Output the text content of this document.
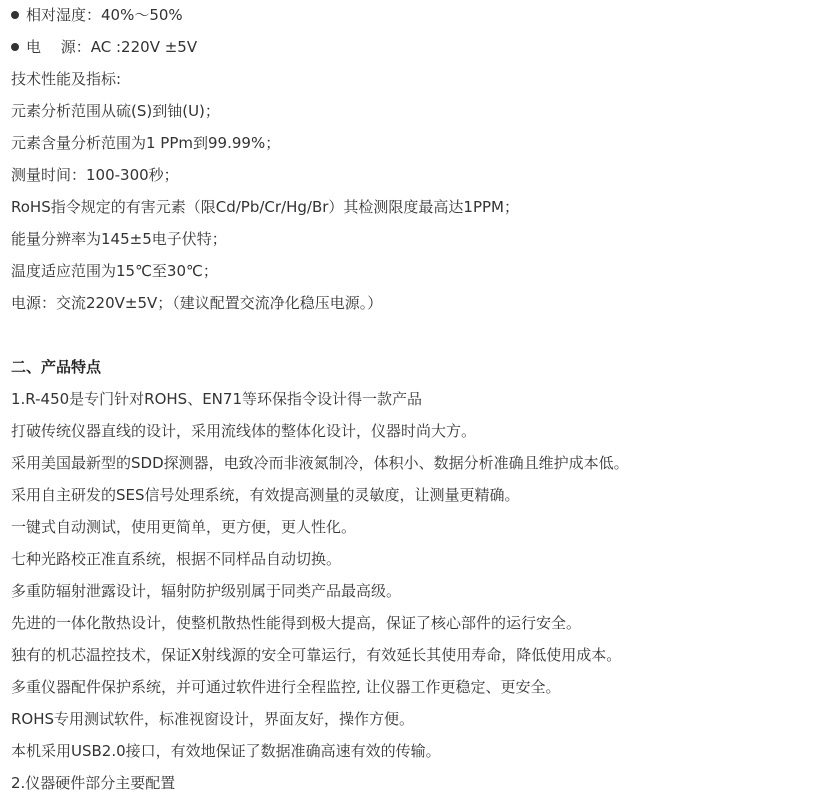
相对湿度：40%～50%
电　 源：AC :220V ±5V
技术性能及指标:
元素分析范围从硫(S)到铀(U)；
元素含量分析范围为1 PPm到99.99%；
测量时间：100-300秒；
RoHS指令规定的有害元素（限Cd/Pb/Cr/Hg/Br）其检测限度最高达1PPM；
能量分辨率为145±5电子伏特；
温度适应范围为15℃至30℃；
电源：交流220V±5V；（建议配置交流净化稳压电源。）
二、产品特点
1.R-450是专门针对ROHS、EN71等环保指令设计得一款产品
打破传统仪器直线的设计，采用流线体的整体化设计，仪器时尚大方。
采用美国最新型的SDD探测器，电致冷而非液氮制冷，体积小、数据分析准确且维护成本低。
采用自主研发的SES信号处理系统，有效提高测量的灵敏度，让测量更精确。
一键式自动测试，使用更简单，更方便，更人性化。
七种光路校正准直系统，根据不同样品自动切换。
多重防辐射泄露设计，辐射防护级别属于同类产品最高级。
先进的一体化散热设计，使整机散热性能得到极大提高，保证了核心部件的运行安全。
独有的机芯温控技术，保证X射线源的安全可靠运行，有效延长其使用寿命，降低使用成本。
多重仪器配件保护系统，并可通过软件进行全程监控, 让仪器工作更稳定、更安全。
ROHS专用测试软件，标准视窗设计，界面友好，操作方便。
本机采用USB2.0接口，有效地保证了数据准确高速有效的传输。
2.仪器硬件部分主要配置
